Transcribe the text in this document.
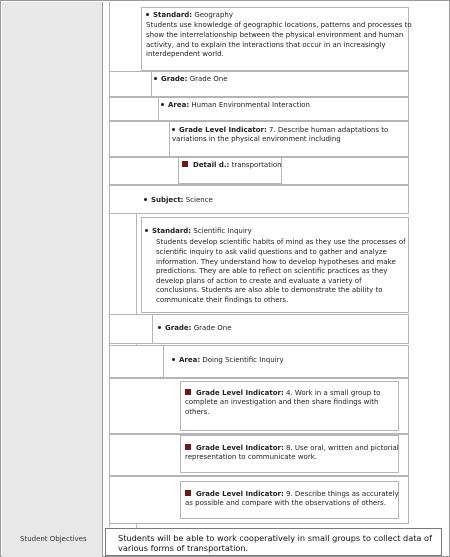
Standard: Geography
Students use knowledge of geographic locations, patterns and processes to
show the interrelationship between the physical environment and human
activity, and to explain the interactions that occur in an increasingly
interdependent world.
Grade: Grade One
Area: Human Environmental Interaction
Grade Level Indicator: 7. Describe human adaptations to
variations in the physical environment including
Detail d.: transportation
Subject: Science
Standard: Scientific Inquiry
Students develop scientific habits of mind as they use the processes of
scientific inquiry to ask valid questions and to gather and analyze
information. They understand how to develop hypotheses and make
predictions. They are able to reflect on scientific practices as they
develop plans of action to create and evaluate a variety of
conclusions. Students are also able to demonstrate the ability to
communicate their findings to others.
Grade: Grade One
Area: Doing Scientific Inquiry
Grade Level Indicator: 4. Work in a small group to
complete an investigation and then share findings with
others.
Grade Level Indicator: 8. Use oral, written and pictorial
representation to communicate work.
Grade Level Indicator: 9. Describe things as accurately
as possible and compare with the observations of others.
Student Objectives	Students will be able to work cooperatively in small groups to collect data of
various forms of transportation.
